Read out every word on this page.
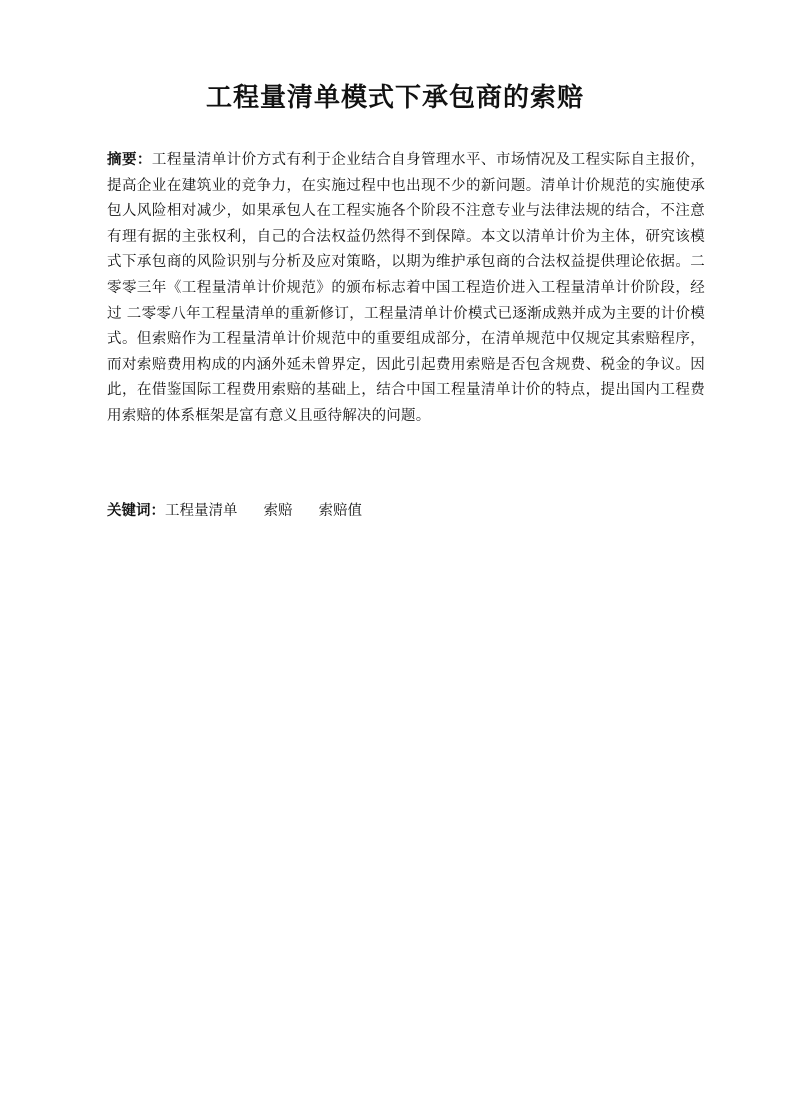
工程量清单模式下承包商的索赔

摘要：工程量清单计价方式有利于企业结合自身管理水平、市场情况及工程实际自主报价，提高企业在建筑业的竞争力，在实施过程中也出现不少的新问题。清单计价规范的实施使承包人风险相对减少，如果承包人在工程实施各个阶段不注意专业与法律法规的结合，不注意有理有据的主张权利，自己的合法权益仍然得不到保障。本文以清单计价为主体，研究该模式下承包商的风险识别与分析及应对策略，以期为维护承包商的合法权益提供理论依据。二零零三年《工程量清单计价规范》的颁布标志着中国工程造价进入工程量清单计价阶段，经过 二零零八年工程量清单的重新修订，工程量清单计价模式已逐渐成熟并成为主要的计价模式。但索赔作为工程量清单计价规范中的重要组成部分，在清单规范中仅规定其索赔程序，而对索赔费用构成的内涵外延未曾界定，因此引起费用索赔是否包含规费、税金的争议。因此，在借鉴国际工程费用索赔的基础上，结合中国工程量清单计价的特点，提出国内工程费用索赔的体系框架是富有意义且亟待解决的问题。

关键词：工程量清单 索赔 索赔值
